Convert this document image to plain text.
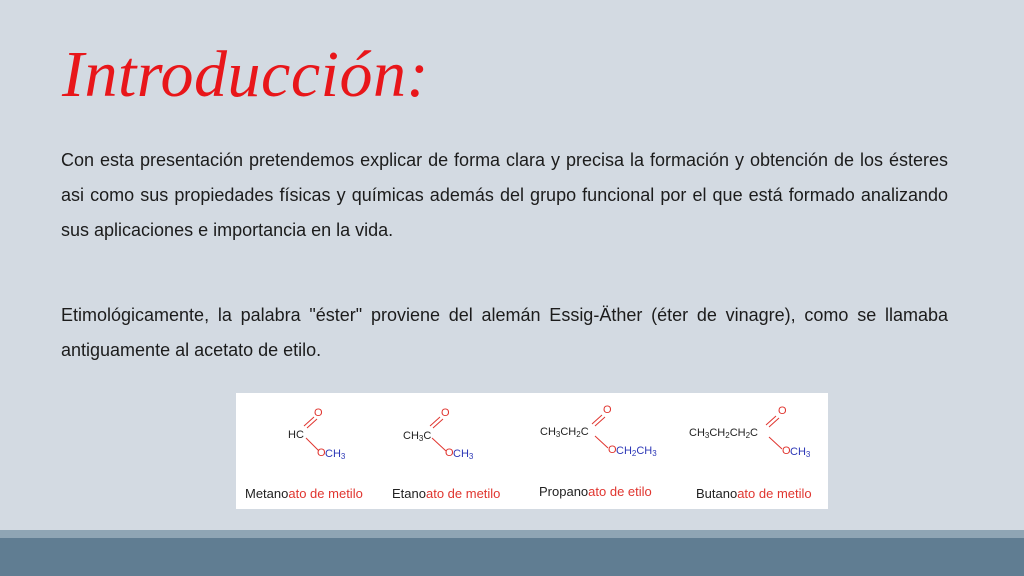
Introducción:

Con esta presentación pretendemos explicar de forma clara y precisa la formación y obtención de los ésteres asi como sus propiedades físicas y químicas además del grupo funcional por el que está formado analizando sus aplicaciones e importancia en la vida.

Etimológicamente, la palabra "éster" proviene del alemán Essig-Äther (éter de vinagre), como se llamaba antiguamente al acetato de etilo.

O
HC
O $CH_3$
Metanoato de metilo
O
$CH_3C$
O $CH_3$
Etanoato de metilo
O
$CH_3CH_2C$
O $CH_2CH_3$
Propanoato de etilo
O
$CH_3CH_2CH_2C$
O $CH_3$
Butanoato de metilo
